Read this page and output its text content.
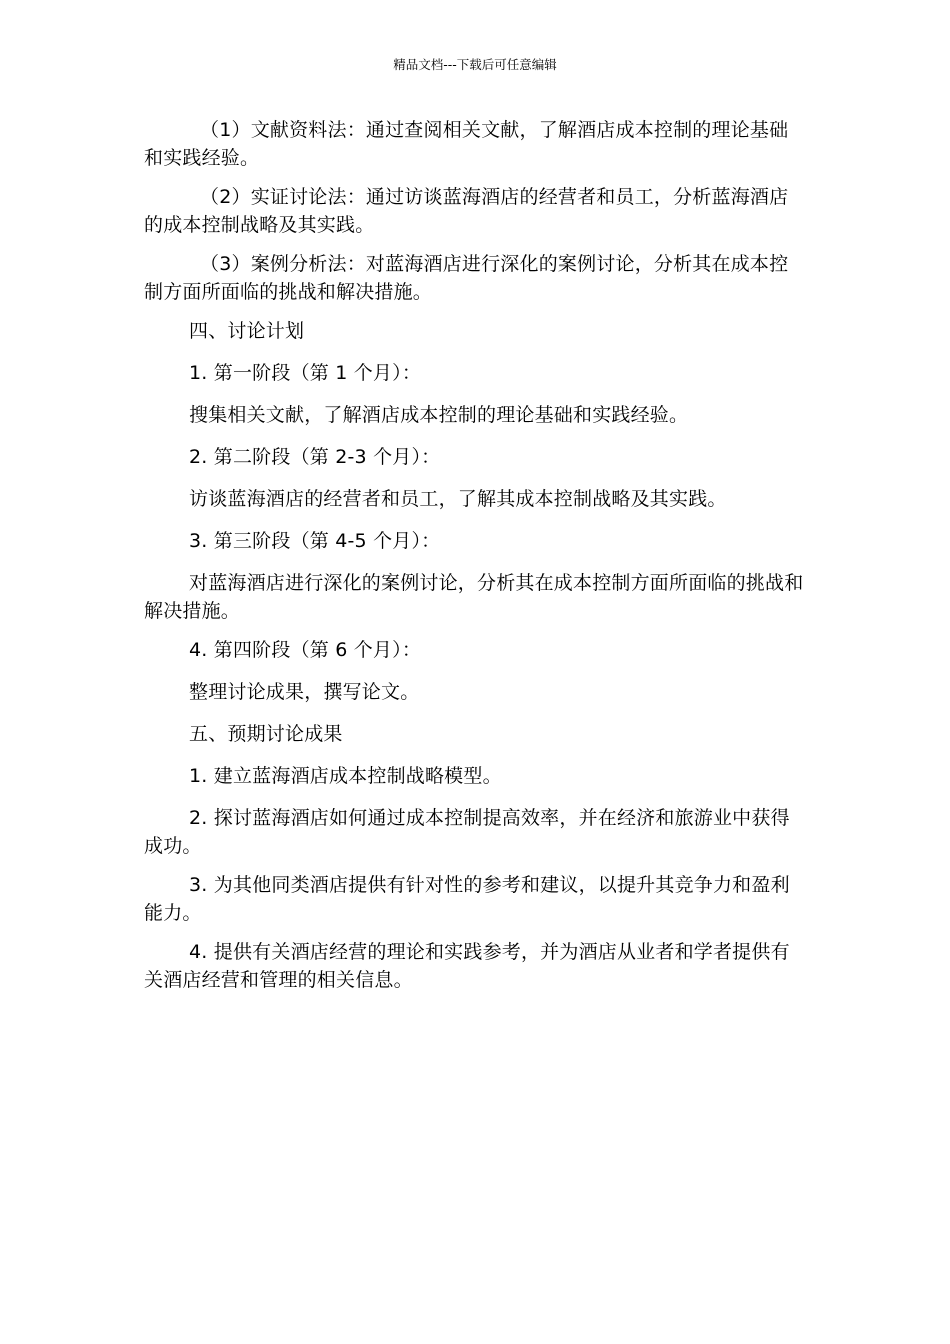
精品文档---下载后可任意编辑

（1）文献资料法：通过查阅相关文献，了解酒店成本控制的理论基础和实践经验。

（2）实证讨论法：通过访谈蓝海酒店的经营者和员工，分析蓝海酒店的成本控制战略及其实践。

（3）案例分析法：对蓝海酒店进行深化的案例讨论，分析其在成本控制方面所面临的挑战和解决措施。

四、讨论计划

1. 第一阶段（第 1 个月）：

搜集相关文献，了解酒店成本控制的理论基础和实践经验。

2. 第二阶段（第 2-3 个月）：

访谈蓝海酒店的经营者和员工，了解其成本控制战略及其实践。

3. 第三阶段（第 4-5 个月）：

对蓝海酒店进行深化的案例讨论，分析其在成本控制方面所面临的挑战和解决措施。

4. 第四阶段（第 6 个月）：

整理讨论成果，撰写论文。

五、预期讨论成果

1. 建立蓝海酒店成本控制战略模型。

2. 探讨蓝海酒店如何通过成本控制提高效率，并在经济和旅游业中获得成功。

3. 为其他同类酒店提供有针对性的参考和建议，以提升其竞争力和盈利能力。

4. 提供有关酒店经营的理论和实践参考，并为酒店从业者和学者提供有关酒店经营和管理的相关信息。
